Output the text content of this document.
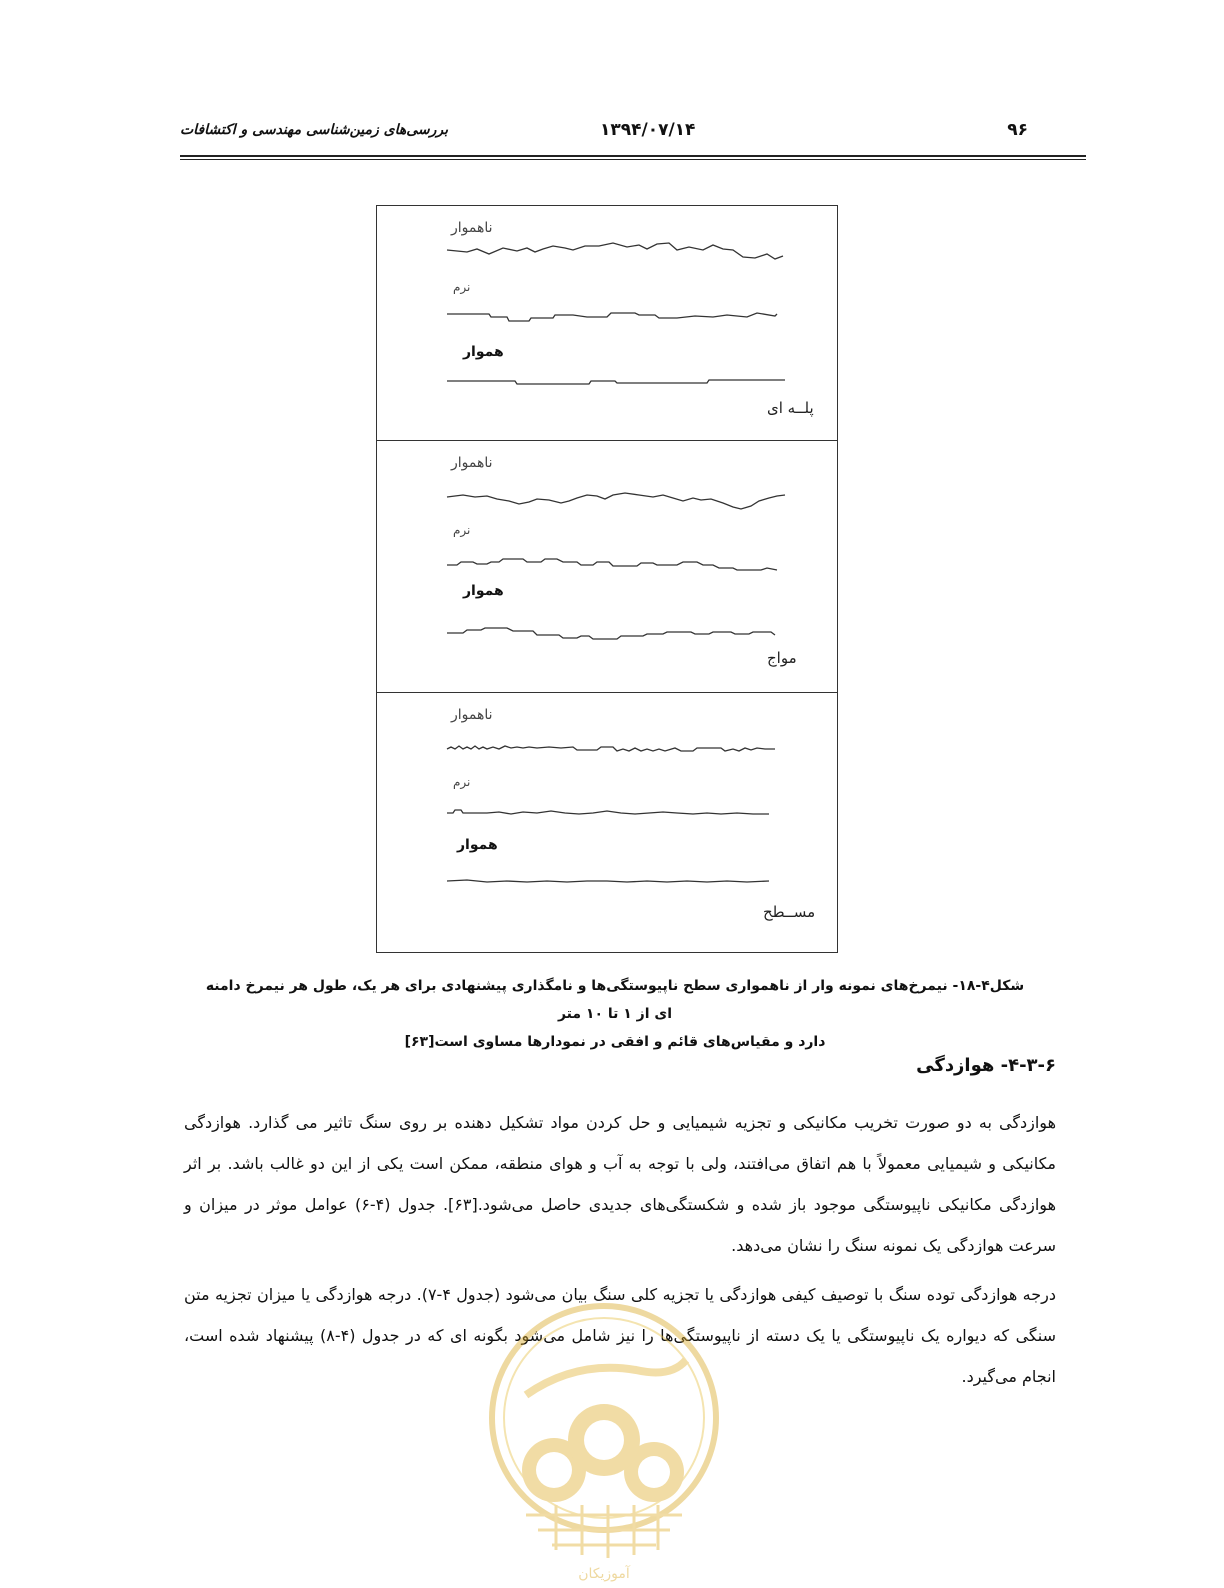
بررسی‌های زمین‌شناسی مهندسی و اکتشافات	۱۳۹۴/۰۷/۱۴	۹۶
ناهموار
نرم
هموار
پلــه ای
ناهموار
نرم
هموار
مواج
ناهموار
نرم
هموار
مســطح
شکل۴-۱۸- نیمرخ‌های نمونه وار از ناهمواری سطح ناپیوستگی‌ها و نامگذاری پیشنهادی برای هر یک، طول هر نیمرخ دامنه ای از ۱ تا ۱۰ متر
دارد و مقیاس‌های قائم و افقی در نمودارها مساوی است[۶۳]
۴-۳-۶- هوازدگی
هوازدگی به دو صورت تخریب مکانیکی و تجزیه شیمیایی و حل کردن مواد تشکیل دهنده بر روی سنگ تاثیر می گذارد. هوازدگی مکانیکی و شیمیایی معمولاً با هم اتفاق می‌افتند، ولی با توجه به آب و هوای منطقه، ممکن است یکی از این دو غالب باشد. بر اثر هوازدگی مکانیکی ناپیوستگی موجود باز شده و شکستگی‌های جدیدی حاصل می‌شود.[۶۳]. جدول (۴-۶) عوامل موثر در میزان و سرعت هوازدگی یک نمونه سنگ را نشان می‌دهد.
درجه هوازدگی توده سنگ با توصیف کیفی هوازدگی یا تجزیه کلی سنگ بیان می‌شود (جدول ۴-۷). درجه هوازدگی یا میزان تجزیه متن سنگی که دیواره یک ناپیوستگی یا یک دسته از ناپیوستگی‌ها را نیز شامل می‌شود بگونه ای که در جدول (۴-۸) پیشنهاد شده است، انجام می‌گیرد.
آموزیکان
